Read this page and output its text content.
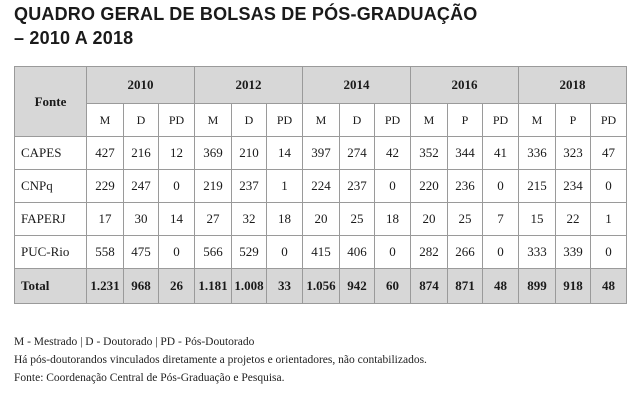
QUADRO GERAL DE BOLSAS DE PÓS-GRADUAÇÃO
– 2010 A 2018
Fonte	2010			2012			2014			2016			2018		
	M	D	PD	M	D	PD	M	D	PD	M	P	PD	M	P	PD
CAPES	427	216	12	369	210	14	397	274	42	352	344	41	336	323	47
CNPq	229	247	0	219	237	1	224	237	0	220	236	0	215	234	0
FAPERJ	17	30	14	27	32	18	20	25	18	20	25	7	15	22	1
PUC-Rio	558	475	0	566	529	0	415	406	0	282	266	0	333	339	0
Total	1.231	968	26	1.181	1.008	33	1.056	942	60	874	871	48	899	918	48
M - Mestrado | D - Doutorado | PD - Pós-Doutorado
Há pós-doutorandos vinculados diretamente a projetos e orientadores, não contabilizados.
Fonte: Coordenação Central de Pós-Graduação e Pesquisa.
